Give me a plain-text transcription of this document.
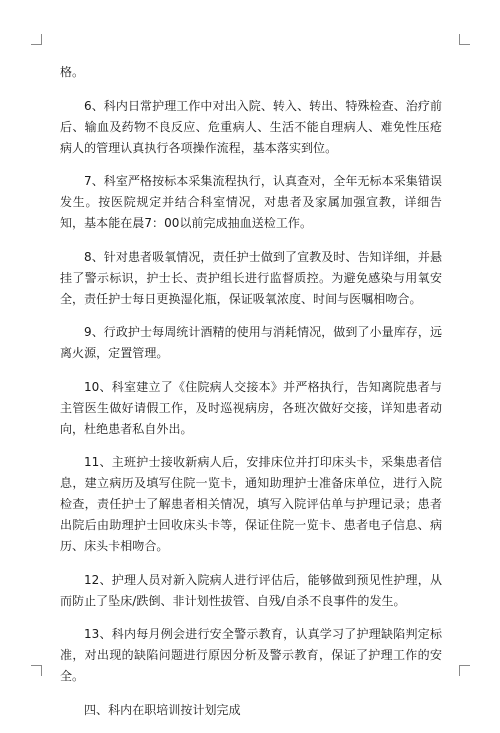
格。

6、科内日常护理工作中对出入院、转入、转出、特殊检查、治疗前后、输血及药物不良反应、危重病人、生活不能自理病人、难免性压疮病人的管理认真执行各项操作流程，基本落实到位。

7、科室严格按标本采集流程执行，认真查对，全年无标本采集错误发生。按医院规定并结合科室情况，对患者及家属加强宣教，详细告知，基本能在晨7：00以前完成抽血送检工作。

8、针对患者吸氧情况，责任护士做到了宣教及时、告知详细，并悬挂了警示标识，护士长、责护组长进行监督质控。为避免感染与用氧安全，责任护士每日更换湿化瓶，保证吸氧浓度、时间与医嘱相吻合。

9、行政护士每周统计酒精的使用与消耗情况，做到了小量库存，远离火源，定置管理。

10、科室建立了《住院病人交接本》并严格执行，告知离院患者与主管医生做好请假工作，及时巡视病房，各班次做好交接，详知患者动向，杜绝患者私自外出。

11、主班护士接收新病人后，安排床位并打印床头卡，采集患者信息，建立病历及填写住院一览卡，通知助理护士准备床单位，进行入院检查，责任护士了解患者相关情况，填写入院评估单与护理记录；患者出院后由助理护士回收床头卡等，保证住院一览卡、患者电子信息、病历、床头卡相吻合。

12、护理人员对新入院病人进行评估后，能够做到预见性护理，从而防止了坠床/跌倒、非计划性拔管、自残/自杀不良事件的发生。

13、科内每月例会进行安全警示教育，认真学习了护理缺陷判定标准，对出现的缺陷问题进行原因分析及警示教育，保证了护理工作的安全。

四、科内在职培训按计划完成
